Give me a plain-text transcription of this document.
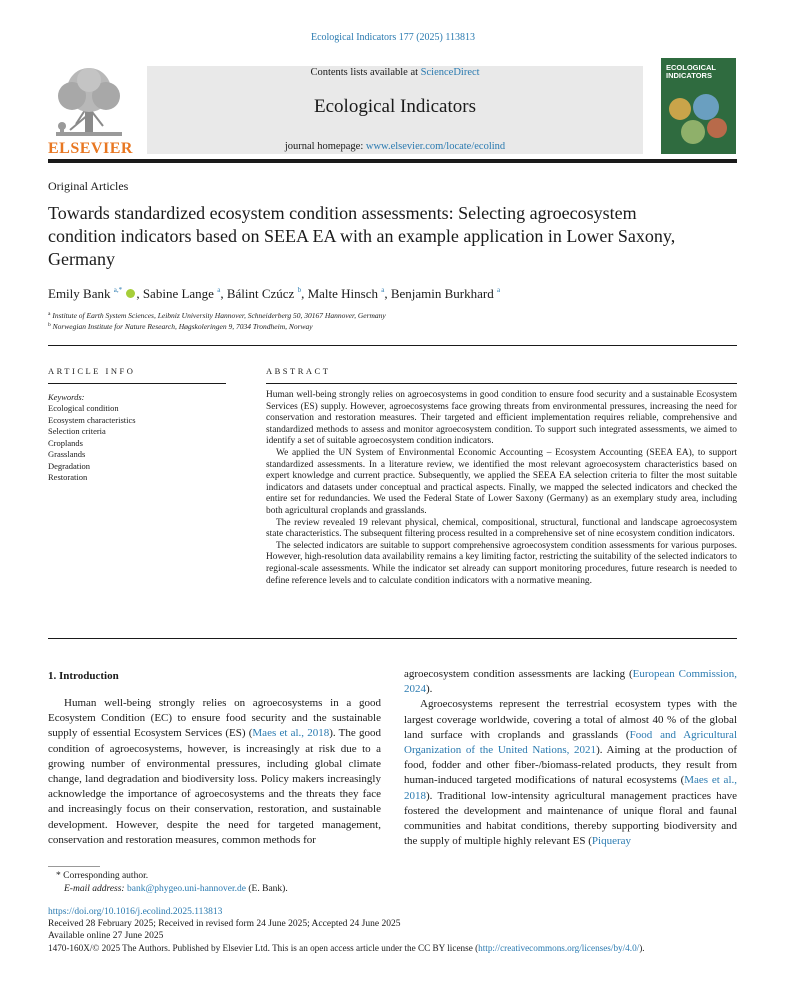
Ecological Indicators 177 (2025) 113813
ELSEVIER
Contents lists available at ScienceDirect
Ecological Indicators
journal homepage: www.elsevier.com/locate/ecolind
ECOLOGICAL INDICATORS
Original Articles
Towards standardized ecosystem condition assessments: Selecting agroecosystem condition indicators based on SEEA EA with an example application in Lower Saxony, Germany
Emily Bank $^{a,*}$ , Sabine Lange $^a$, Bálint Czúcz $^b$, Malte Hinsch $^a$, Benjamin Burkhard $^a$
$^a$ Institute of Earth System Sciences, Leibniz University Hannover, Schneiderberg 50, 30167 Hannover, Germany
$^b$ Norwegian Institute for Nature Research, Høgskoleringen 9, 7034 Trondheim, Norway
ARTICLE INFO	ABSTRACT
Keywords:
Ecological condition
Ecosystem characteristics
Selection criteria
Croplands
Grasslands
Degradation
Restoration

Human well-being strongly relies on agroecosystems in good condition to ensure food security and a sustainable Ecosystem Services (ES) supply. However, agroecosystems face growing threats from environmental pressures, increasing the need for conservation and restoration measures. Their targeted and efficient implementation requires reliable, comprehensive and standardized methods to assess and monitor agroecosystem condition. To support such integrated assessments, we aimed to identify a set of suitable agroecosystem condition indicators.

We applied the UN System of Environmental Economic Accounting – Ecosystem Accounting (SEEA EA), to support standardized assessments. In a literature review, we identified the most relevant agroecosystem characteristics based on expert knowledge and current practice. Subsequently, we applied the SEEA EA selection criteria to filter the most suitable indicators and datasets under conceptual and practical aspects. Finally, we mapped the selected indicators and checked the entire set for redundancies. We used the Federal State of Lower Saxony (Germany) as an exemplary study area, including both agricultural croplands and grasslands.

The review revealed 19 relevant physical, chemical, compositional, structural, functional and landscape agroecosystem state characteristics. The subsequent filtering process resulted in a comprehensive set of nine ecosystem condition indicators.

The selected indicators are suitable to support comprehensive agroecosystem condition assessments for various purposes. However, high-resolution data availability remains a key limiting factor, restricting the suitability of the selected indicators to regional-scale assessments. While the indicator set already can support monitoring procedures, future research is needed to define reference levels and to calculate condition indicators with a normative meaning.

1. Introduction

Human well-being strongly relies on agroecosystems in a good Ecosystem Condition (EC) to ensure food security and the sustainable supply of essential Ecosystem Services (ES) (Maes et al., 2018). The good condition of agroecosystems, however, is increasingly at risk due to a growing number of environmental pressures, including global climate change, land degradation and biodiversity loss. Policy makers increasingly acknowledge the importance of agroecosystems and the threats they face and increasingly focus on their conservation, restoration, and sustainable development. However, despite the need for targeted management, conservation and restoration measures, common methods for

agroecosystem condition assessments are lacking (European Commission, 2024).

Agroecosystems represent the terrestrial ecosystem types with the largest coverage worldwide, covering a total of almost 40 % of the global land surface with croplands and grasslands (Food and Agricultural Organization of the United Nations, 2021). Aiming at the production of food, fodder and other fiber-/biomass-related products, they result from human-induced targeted modifications of natural ecosystems (Maes et al., 2018). Traditional low-intensity agricultural management practices have fostered the development and maintenance of unique floral and faunal communities and habitat conditions, thereby supporting biodiversity and the supply of multiple highly relevant ES (Piqueray

* Corresponding author.
E-mail address: bank@phygeo.uni-hannover.de (E. Bank).
https://doi.org/10.1016/j.ecolind.2025.113813
Received 28 February 2025; Received in revised form 24 June 2025; Accepted 24 June 2025
Available online 27 June 2025
1470-160X/© 2025 The Authors. Published by Elsevier Ltd. This is an open access article under the CC BY license (http://creativecommons.org/licenses/by/4.0/).
